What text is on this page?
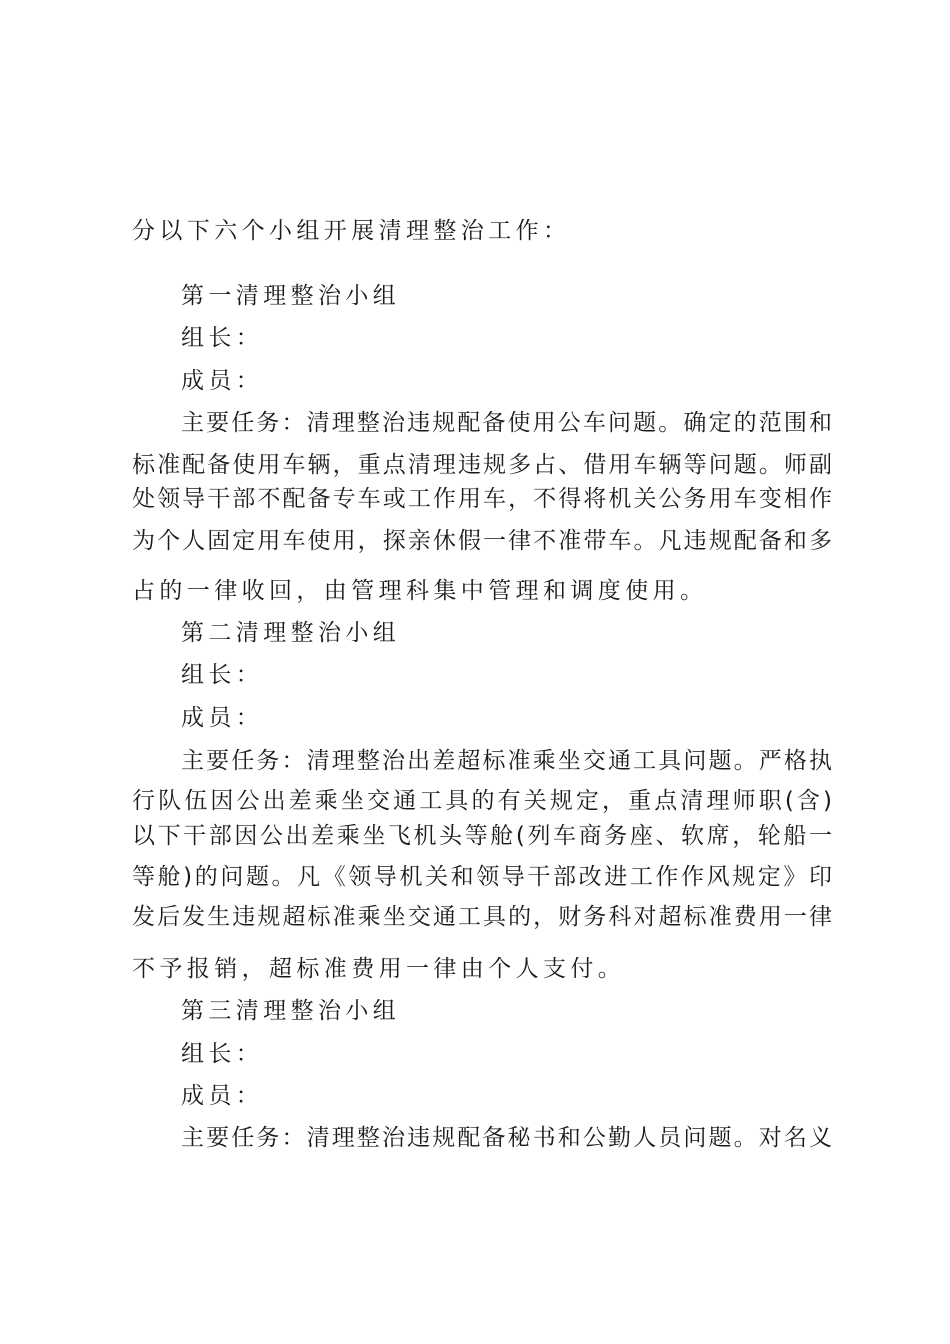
分以下六个小组开展清理整治工作：

第一清理整治小组

组长：

成员：

主要任务：清理整治违规配备使用公车问题。确定的范围和

标准配备使用车辆，重点清理违规多占、借用车辆等问题。师副

处领导干部不配备专车或工作用车，不得将机关公务用车变相作

为个人固定用车使用，探亲休假一律不准带车。凡违规配备和多

占的一律收回，由管理科集中管理和调度使用。

第二清理整治小组

组长：

成员：

主要任务：清理整治出差超标准乘坐交通工具问题。严格执

行队伍因公出差乘坐交通工具的有关规定，重点清理师职(含)

以下干部因公出差乘坐飞机头等舱(列车商务座、软席，轮船一

等舱)的问题。凡《领导机关和领导干部改进工作作风规定》印

发后发生违规超标准乘坐交通工具的，财务科对超标准费用一律

不予报销，超标准费用一律由个人支付。

第三清理整治小组

组长：

成员：

主要任务：清理整治违规配备秘书和公勤人员问题。对名义
